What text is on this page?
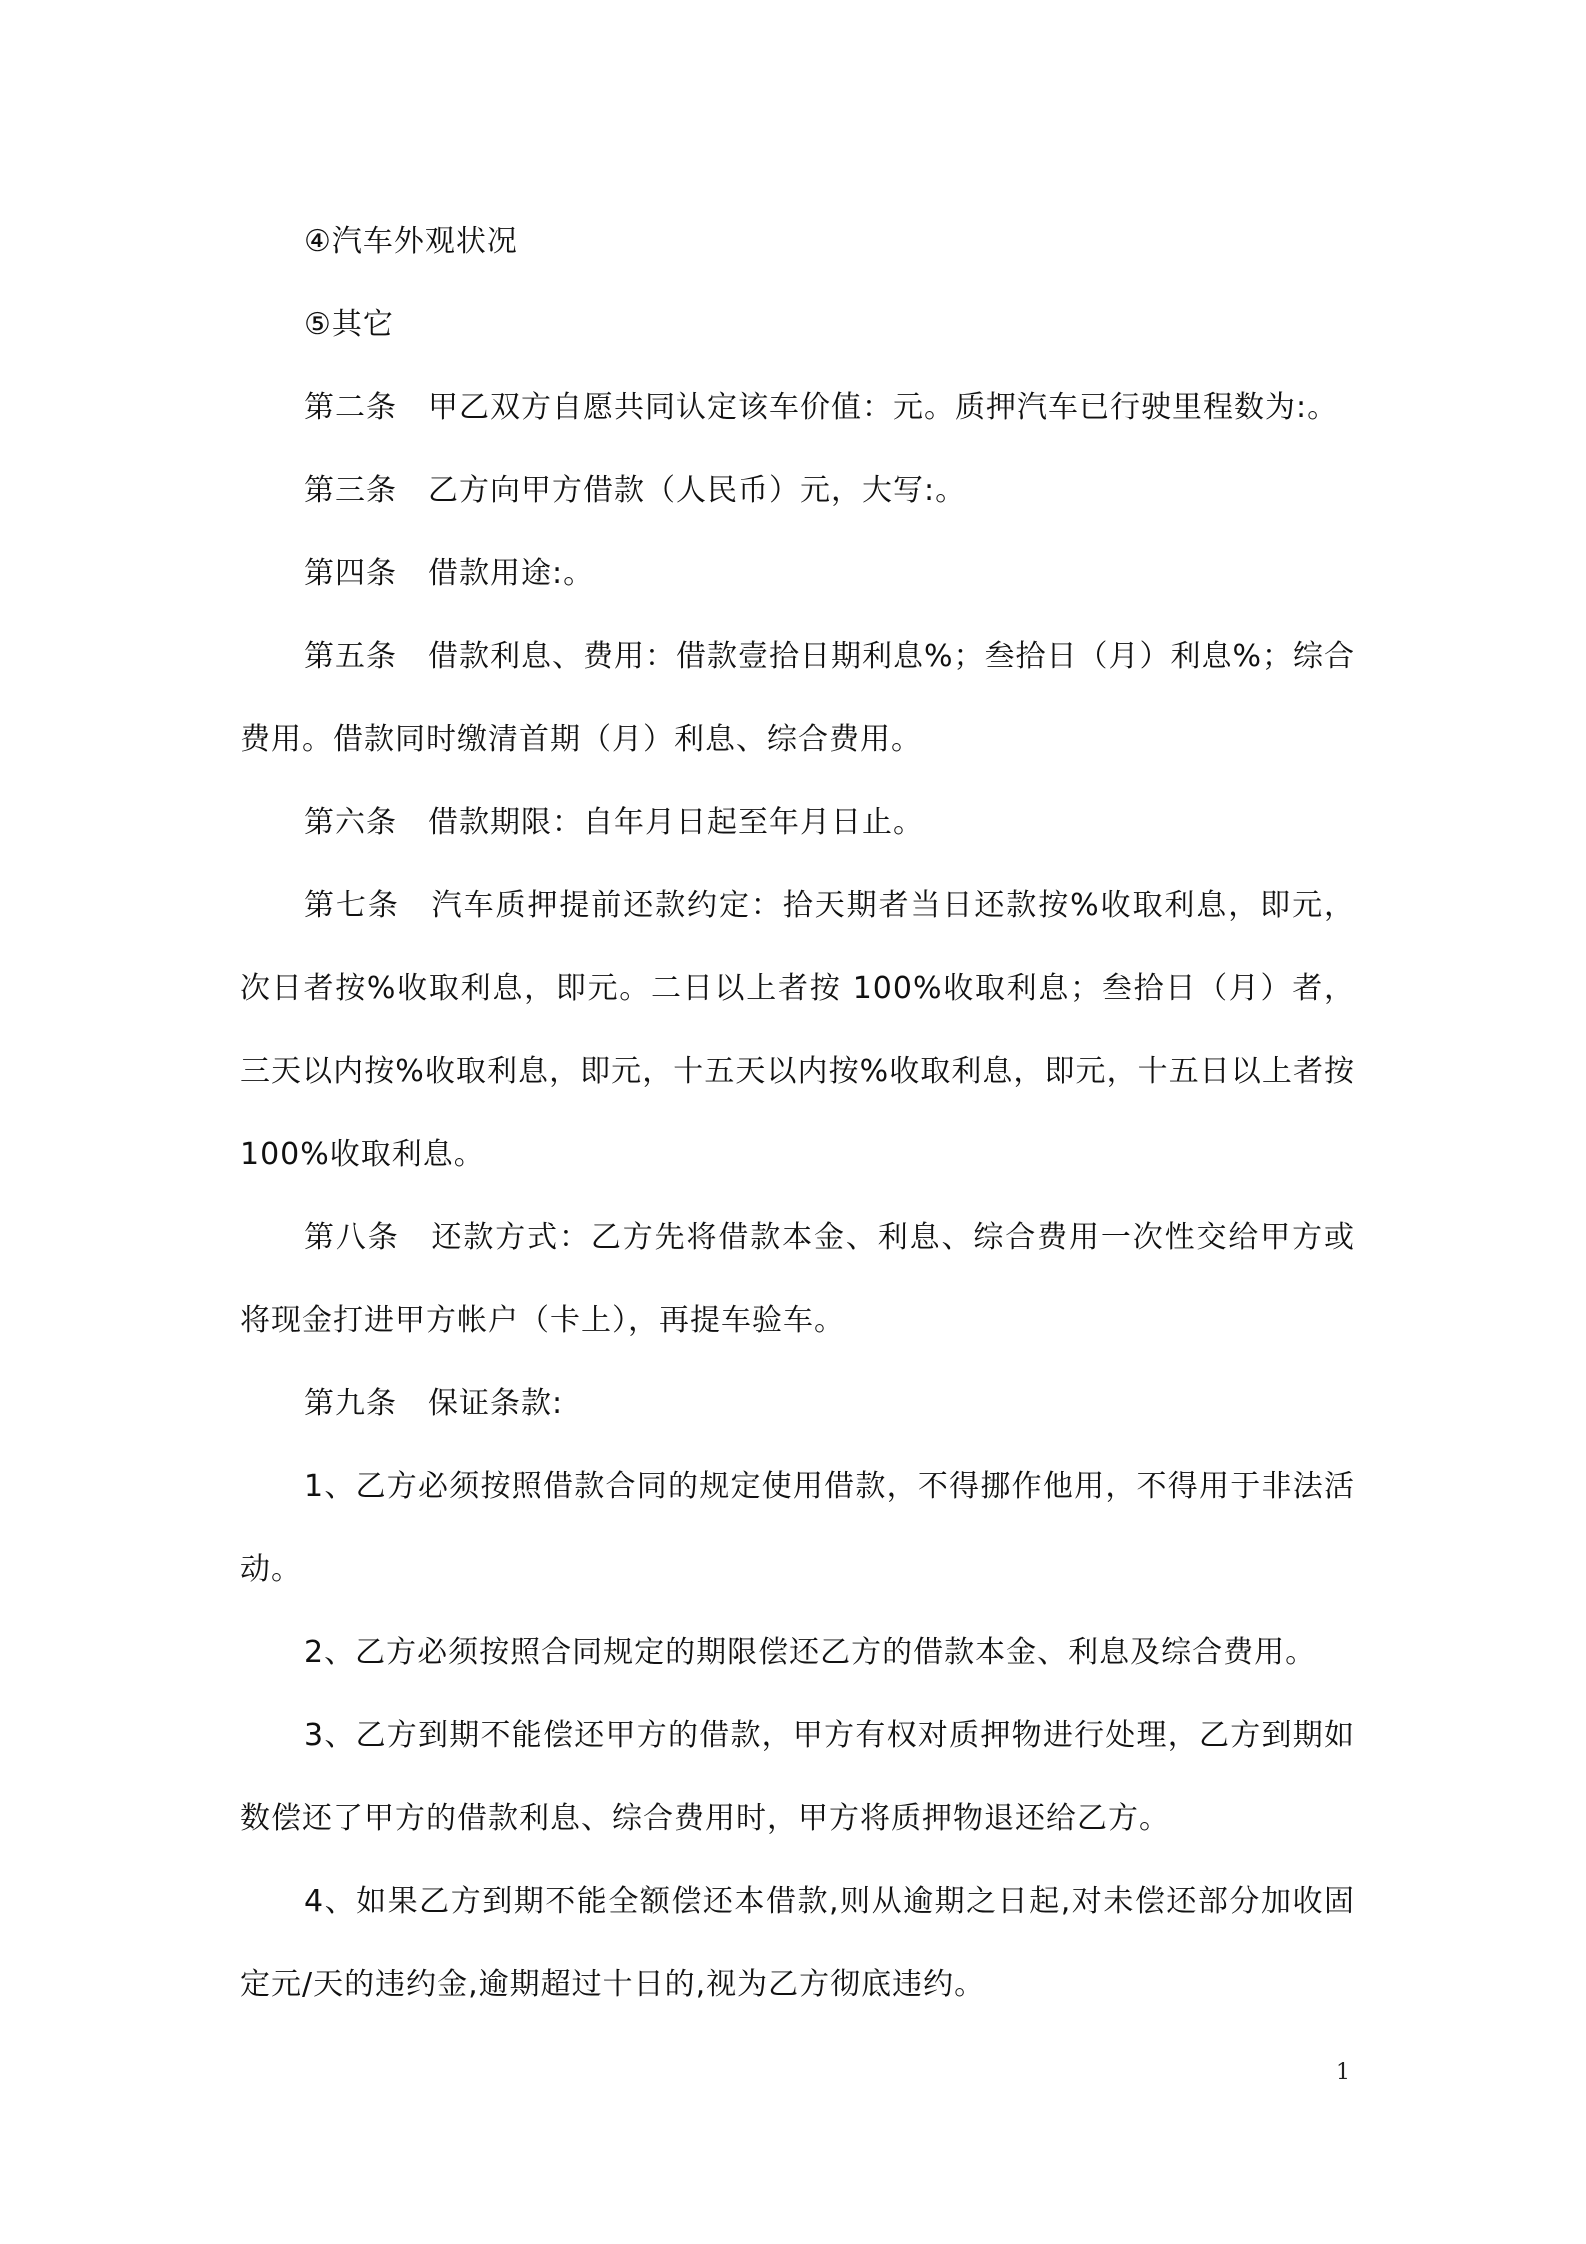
④汽车外观状况

⑤其它

第二条　甲乙双方自愿共同认定该车价值：元。质押汽车已行驶里程数为:。

第三条　乙方向甲方借款（人民币）元，大写:。

第四条　借款用途:。

第五条　借款利息、费用：借款壹拾日期利息%；叁拾日（月）利息%；综合费用。借款同时缴清首期（月）利息、综合费用。

第六条　借款期限：自年月日起至年月日止。

第七条　汽车质押提前还款约定：拾天期者当日还款按%收取利息，即元，次日者按%收取利息，即元。二日以上者按 100%收取利息；叁拾日（月）者，三天以内按%收取利息，即元，十五天以内按%收取利息，即元，十五日以上者按 100%收取利息。

第八条　还款方式：乙方先将借款本金、利息、综合费用一次性交给甲方或将现金打进甲方帐户（卡上），再提车验车。

第九条　保证条款:

1、乙方必须按照借款合同的规定使用借款，不得挪作他用，不得用于非法活动。

2、乙方必须按照合同规定的期限偿还乙方的借款本金、利息及综合费用。

3、乙方到期不能偿还甲方的借款，甲方有权对质押物进行处理，乙方到期如数偿还了甲方的借款利息、综合费用时，甲方将质押物退还给乙方。

4、如果乙方到期不能全额偿还本借款,则从逾期之日起,对未偿还部分加收固定元/天的违约金,逾期超过十日的,视为乙方彻底违约。

1
